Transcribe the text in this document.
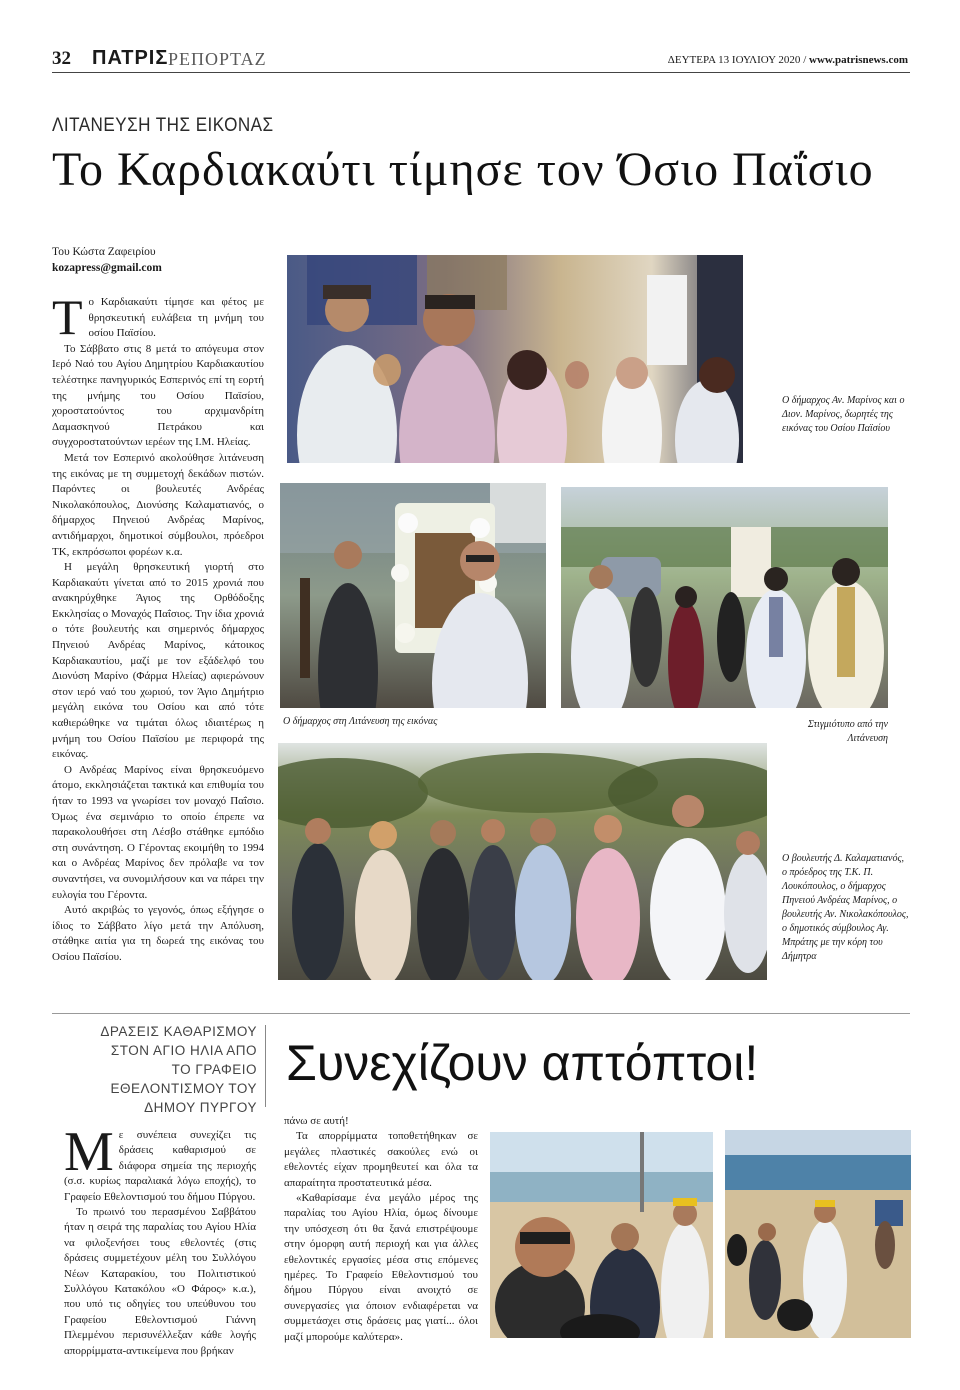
32 ΠΑΤΡΙΣ ΡΕΠΟΡΤΑΖ	ΔΕΥΤΕΡΑ 13 ΙΟΥΛΙΟΥ 2020 / www.patrisnews.com
ΛΙΤΑΝΕΥΣΗ ΤΗΣ ΕΙΚΟΝΑΣ
Το Καρδιακαύτι τίμησε τον Όσιο Παΐσιο
Του Κώστα Ζαφειρίου
kozapress@gmail.com

Το Καρδιακαύτι τίμησε και φέτος με θρησκευτική ευλάβεια τη μνήμη του οσίου Παϊσίου.

Το Σάββατο στις 8 μετά το απόγευμα στον Ιερό Ναό του Αγίου Δημητρίου Καρδιακαυτίου τελέστηκε πανηγυρικός Εσπερινός επί τη εορτή της μνήμης του Οσίου Παϊσίου, χοροστατούντος του αρχιμανδρίτη Δαμασκηνού Πετράκου και συγχοροστατούντων ιερέων της Ι.Μ. Ηλείας.

Μετά τον Εσπερινό ακολούθησε λιτάνευση της εικόνας με τη συμμετοχή δεκάδων πιστών. Παρόντες οι βουλευτές Ανδρέας Νικολακόπουλος, Διονύσης Καλαματιανός, ο δήμαρχος Πηνειού Ανδρέας Μαρίνος, αντιδήμαρχοι, δημοτικοί σύμβουλοι, πρόεδροι ΤΚ, εκπρόσωποι φορέων κ.α.

Η μεγάλη θρησκευτική γιορτή στο Καρδιακαύτι γίνεται από το 2015 χρονιά που ανακηρύχθηκε Άγιος της Ορθόδοξης Εκκλησίας ο Μοναχός Παΐσιος. Την ίδια χρονιά ο τότε βουλευτής και σημερινός δήμαρχος Πηνειού Ανδρέας Μαρίνος, κάτοικος Καρδιακαυτίου, μαζί με τον εξάδελφό του Διονύση Μαρίνο (Φάρμα Ηλείας) αφιερώνουν στον ιερό ναό του χωριού, τον Άγιο Δημήτριο μεγάλη εικόνα του Οσίου και από τότε καθιερώθηκε να τιμάται όλως ιδιαιτέρως η μνήμη του Οσίου Παϊσίου με περιφορά της εικόνας.

Ο Ανδρέας Μαρίνος είναι θρησκευόμενο άτομο, εκκλησιάζεται τακτικά και επιθυμία του ήταν το 1993 να γνωρίσει τον μοναχό Παΐσιο. Όμως ένα σεμινάριο το οποίο έπρεπε να παρακολουθήσει στη Λέσβο στάθηκε εμπόδιο στη συνάντηση. Ο Γέροντας εκοιμήθη το 1994 και ο Ανδρέας Μαρίνος δεν πρόλαβε να τον συναντήσει, να συνομιλήσουν και να πάρει την ευλογία του Γέροντα.

Αυτό ακριβώς το γεγονός, όπως εξήγησε ο ίδιος το Σάββατο λίγο μετά την Απόλυση, στάθηκε αιτία για τη δωρεά της εικόνας του Οσίου Παϊσίου.

Ο δήμαρχος Αν. Μαρίνος και ο Διον. Μαρίνος, δωρητές της εικόνας του Οσίου Παϊσίου
Ο δήμαρχος στη Λιτάνευση της εικόνας	Στιγμιότυπο από την Λιτάνευση
Ο βουλευτής Δ. Καλαματιανός, ο πρόεδρος της Τ.Κ. Π. Λουκόπουλος, ο δήμαρχος Πηνειού Ανδρέας Μαρίνος, ο βουλευτής Αν. Νικολακόπουλος, ο δημοτικός σύμβουλος Αγ. Μπράτης με την κόρη του Δήμητρα
ΔΡΑΣΕΙΣ ΚΑΘΑΡΙΣΜΟΥ ΣΤΟΝ ΑΓΙΟ ΗΛΙΑ ΑΠΟ ΤΟ ΓΡΑΦΕΙΟ ΕΘΕΛΟΝΤΙΣΜΟΥ ΤΟΥ ΔΗΜΟΥ ΠΥΡΓΟΥ
Συνεχίζουν απτόπτοι!

Με συνέπεια συνεχίζει τις δράσεις καθαρισμού σε διάφορα σημεία της περιοχής (σ.σ. κυρίως παραλιακά λόγω εποχής), το Γραφείο Εθελοντισμού του δήμου Πύργου.

Το πρωινό του περασμένου Σαββάτου ήταν η σειρά της παραλίας του Αγίου Ηλία να φιλοξενήσει τους εθελοντές (στις δράσεις συμμετέχουν μέλη του Συλλόγου Νέων Καταρακίου, του Πολιτιστικού Συλλόγου Κατακόλου «Ο Φάρος» κ.α.), που υπό τις οδηγίες του υπεύθυνου του Γραφείου Εθελοντισμού Γιάννη Πλεμμένου περισυνέλλεξαν κάθε λογής απορρίμματα-αντικείμενα που βρήκαν

πάνω σε αυτή!

Τα απορρίμματα τοποθετήθηκαν σε μεγάλες πλαστικές σακούλες ενώ οι εθελοντές είχαν προμηθευτεί και όλα τα απαραίτητα προστατευτικά μέσα.

«Καθαρίσαμε ένα μεγάλο μέρος της παραλίας του Αγίου Ηλία, όμως δίνουμε την υπόσχεση ότι θα ξανά επιστρέψουμε στην όμορφη αυτή περιοχή και για άλλες εθελοντικές εργασίες μέσα στις επόμενες ημέρες. Το Γραφείο Εθελοντισμού του δήμου Πύργου είναι ανοιχτό σε συνεργασίες για όποιον ενδιαφέρεται να συμμετάσχει στις δράσεις μας γιατί... όλοι μαζί μπορούμε καλύτερα».
